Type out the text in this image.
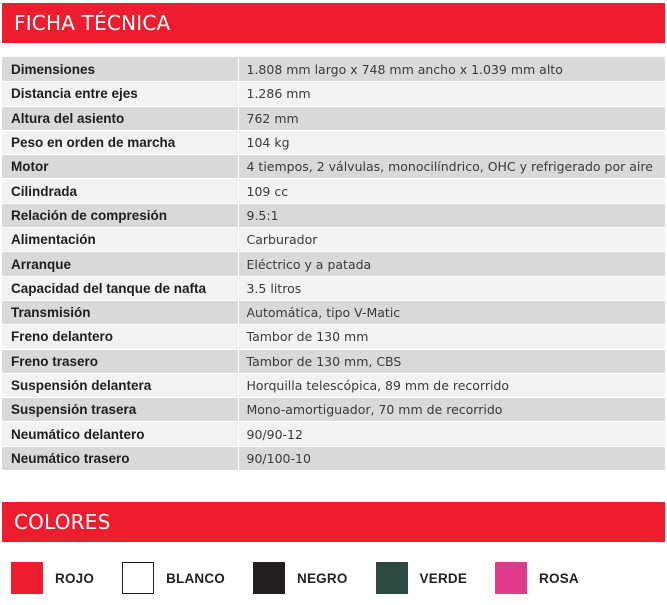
FICHA TÉCNICA
Dimensiones	1.808 mm largo x 748 mm ancho x 1.039 mm alto
Distancia entre ejes	1.286 mm
Altura del asiento	762 mm
Peso en orden de marcha	104 kg
Motor	4 tiempos, 2 válvulas, monocilíndrico, OHC y refrigerado por aire
Cilindrada	109 cc
Relación de compresión	9.5:1
Alimentación	Carburador
Arranque	Eléctrico y a patada
Capacidad del tanque de nafta	3.5 litros
Transmisión	Automática, tipo V-Matic
Freno delantero	Tambor de 130 mm
Freno trasero	Tambor de 130 mm, CBS
Suspensión delantera	Horquilla telescópica, 89 mm de recorrido
Suspensión trasera	Mono-amortiguador, 70 mm de recorrido
Neumático delantero	90/90-12
Neumático trasero	90/100-10
COLORES
ROJO	BLANCO	NEGRO	VERDE	ROSA
